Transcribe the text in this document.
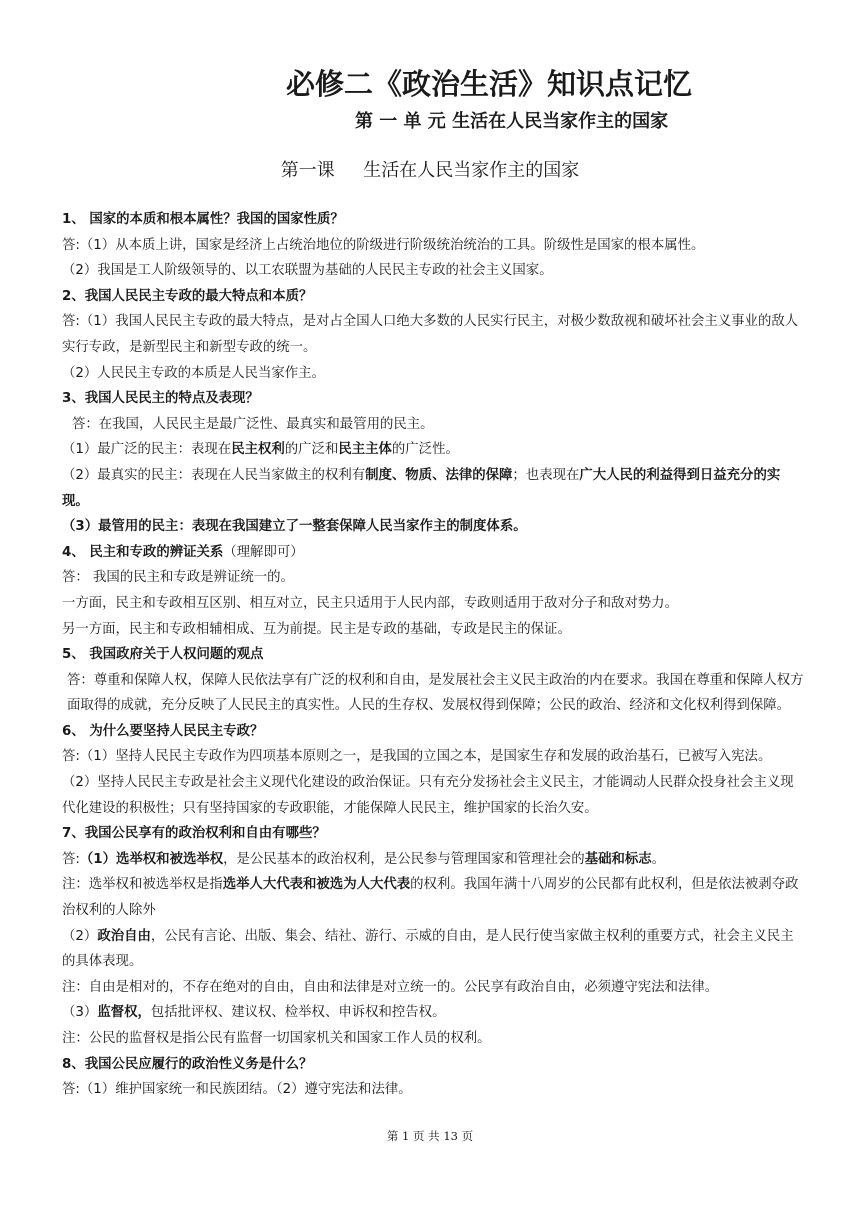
必修二《政治生活》知识点记忆
第 一 单 元 生活在人民当家作主的国家
第一课     生活在人民当家作主的国家

1、 国家的本质和根本属性？我国的国家性质？

答:（1）从本质上讲，国家是经济上占统治地位的阶级进行阶级统治统治的工具。阶级性是国家的根本属性。

（2）我国是工人阶级领导的、以工农联盟为基础的人民民主专政的社会主义国家。

2、我国人民民主专政的最大特点和本质？

答:（1）我国人民民主专政的最大特点，是对占全国人口绝大多数的人民实行民主，对极少数敌视和破坏社会主义事业的敌人实行专政，是新型民主和新型专政的统一。

（2）人民民主专政的本质是人民当家作主。

3、我国人民民主的特点及表现？

答：在我国，人民民主是最广泛性、最真实和最管用的民主。

（1）最广泛的民主：表现在民主权利的广泛和民主主体的广泛性。

（2）最真实的民主：表现在人民当家做主的权利有制度、物质、法律的保障；也表现在广大人民的利益得到日益充分的实现。

（3）最管用的民主：表现在我国建立了一整套保障人民当家作主的制度体系。

4、 民主和专政的辨证关系（理解即可）

答： 我国的民主和专政是辨证统一的。

一方面，民主和专政相互区别、相互对立，民主只适用于人民内部，专政则适用于敌对分子和敌对势力。

另一方面，民主和专政相辅相成、互为前提。民主是专政的基础，专政是民主的保证。

5、 我国政府关于人权问题的观点

答：尊重和保障人权，保障人民依法享有广泛的权利和自由，是发展社会主义民主政治的内在要求。我国在尊重和保障人权方面取得的成就，充分反映了人民民主的真实性。人民的生存权、发展权得到保障；公民的政治、经济和文化权利得到保障。

6、 为什么要坚持人民民主专政？

答:（1）坚持人民民主专政作为四项基本原则之一，是我国的立国之本，是国家生存和发展的政治基石，已被写入宪法。

（2）坚持人民民主专政是社会主义现代化建设的政治保证。只有充分发扬社会主义民主，才能调动人民群众投身社会主义现代化建设的积极性；只有坚持国家的专政职能，才能保障人民民主，维护国家的长治久安。

7、我国公民享有的政治权利和自由有哪些？

答:（1）选举权和被选举权，是公民基本的政治权利，是公民参与管理国家和管理社会的基础和标志。

注：选举权和被选举权是指选举人大代表和被选为人大代表的权利。我国年满十八周岁的公民都有此权利，但是依法被剥夺政治权利的人除外

（2）政治自由，公民有言论、出版、集会、结社、游行、示威的自由，是人民行使当家做主权利的重要方式，社会主义民主的具体表现。

注：自由是相对的，不存在绝对的自由，自由和法律是对立统一的。公民享有政治自由，必须遵守宪法和法律。

（3）监督权，包括批评权、建议权、检举权、申诉权和控告权。

注：公民的监督权是指公民有监督一切国家机关和国家工作人员的权利。

8、我国公民应履行的政治性义务是什么？

答:（1）维护国家统一和民族团结。（2）遵守宪法和法律。

第 1 页 共 13 页
